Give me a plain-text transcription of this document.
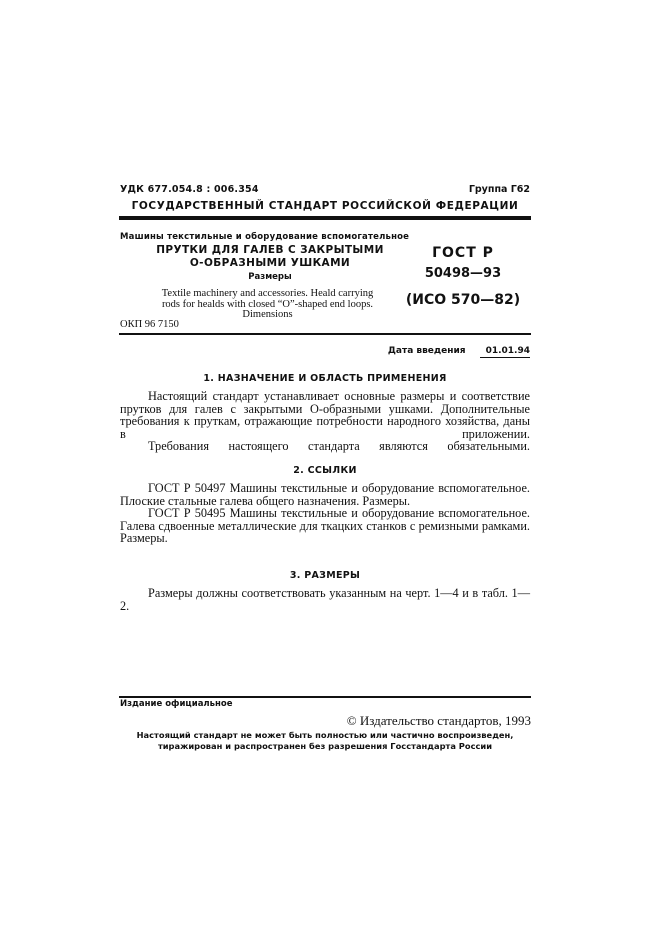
УДК 677.054.8 : 006.354	Группа Г62
ГОСУДАРСТВЕННЫЙ СТАНДАРТ РОССИЙСКОЙ ФЕДЕРАЦИИ
Машины текстильные и оборудование вспомогательное
ПРУТКИ ДЛЯ ГАЛЕВ С ЗАКРЫТЫМИ
О-ОБРАЗНЫМИ УШКАМИ
Размеры
ГОСТ Р
50498—93
Textile machinery and accessories. Heald carrying
rods for healds with closed “O”-shaped end loops.
Dimensions
(ИСО 570—82)
ОКП 96 7150
Дата введения	01.01.94
1. НАЗНАЧЕНИЕ И ОБЛАСТЬ ПРИМЕНЕНИЯ

Настоящий стандарт устанавливает основные размеры и соответствие прутков для галев с закрытыми О-образными ушками. Дополнительные требования к пруткам, отражающие потребности народного хозяйства, даны в приложении.

Требования настоящего стандарта являются обязательными.

2. ССЫЛКИ

ГОСТ Р 50497 Машины текстильные и оборудование вспомогательное. Плоские стальные галева общего назначения. Размеры.

ГОСТ Р 50495 Машины текстильные и оборудование вспомогательное. Галева сдвоенные металлические для ткацких станков с ремизными рамками. Размеры.

3. РАЗМЕРЫ

Размеры должны соответствовать указанным на черт. 1—4 и в табл. 1—2.

Издание официальное
© Издательство стандартов, 1993
Настоящий стандарт не может быть полностью или частично воспроизведен, тиражирован и распространен без разрешения Госстандарта России
